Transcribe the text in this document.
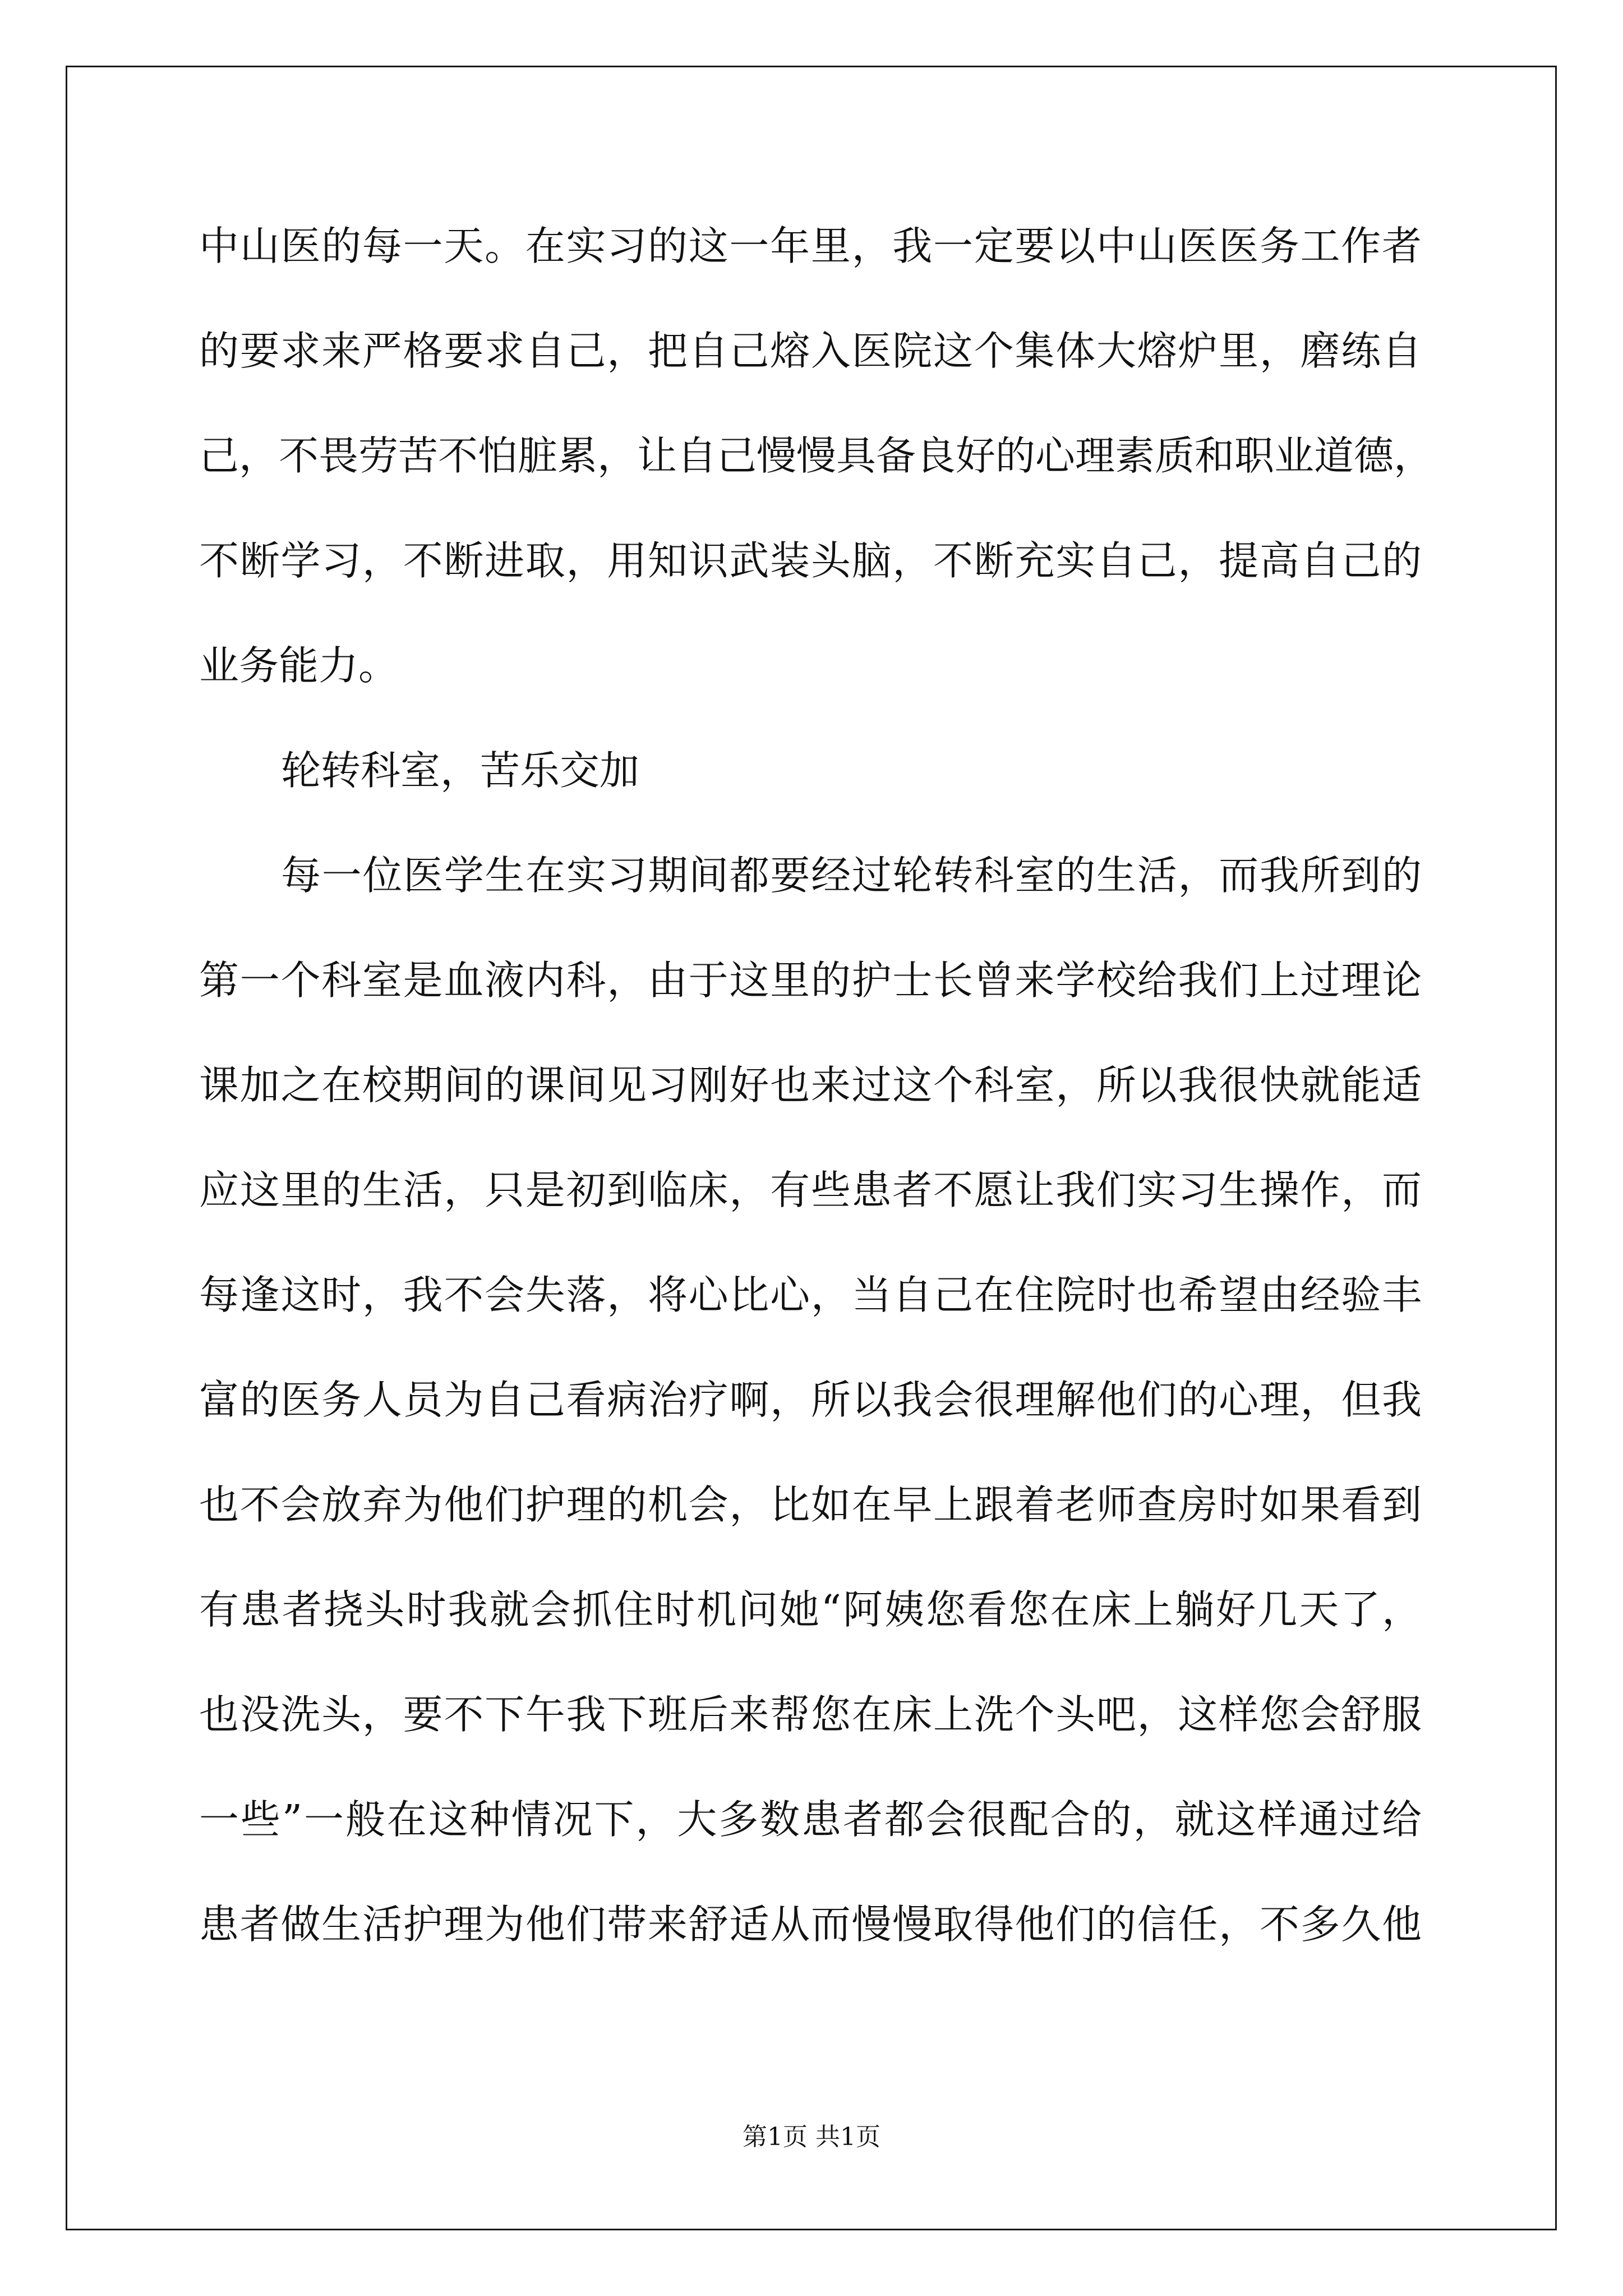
中山医的每一天。在实习的这一年里，我一定要以中山医医务工作者
的要求来严格要求自己，把自己熔入医院这个集体大熔炉里，磨练自
己，不畏劳苦不怕脏累，让自己慢慢具备良好的心理素质和职业道德，
不断学习，不断进取，用知识武装头脑，不断充实自己，提高自己的
业务能力。
轮转科室，苦乐交加
每一位医学生在实习期间都要经过轮转科室的生活，而我所到的
第一个科室是血液内科，由于这里的护士长曾来学校给我们上过理论
课加之在校期间的课间见习刚好也来过这个科室，所以我很快就能适
应这里的生活，只是初到临床，有些患者不愿让我们实习生操作，而
每逢这时，我不会失落，将心比心，当自己在住院时也希望由经验丰
富的医务人员为自己看病治疗啊，所以我会很理解他们的心理，但我
也不会放弃为他们护理的机会，比如在早上跟着老师查房时如果看到
有患者挠头时我就会抓住时机问她“阿姨您看您在床上躺好几天了，
也没洗头，要不下午我下班后来帮您在床上洗个头吧，这样您会舒服
一些”一般在这种情况下，大多数患者都会很配合的，就这样通过给
患者做生活护理为他们带来舒适从而慢慢取得他们的信任，不多久他
第1页 共1页
